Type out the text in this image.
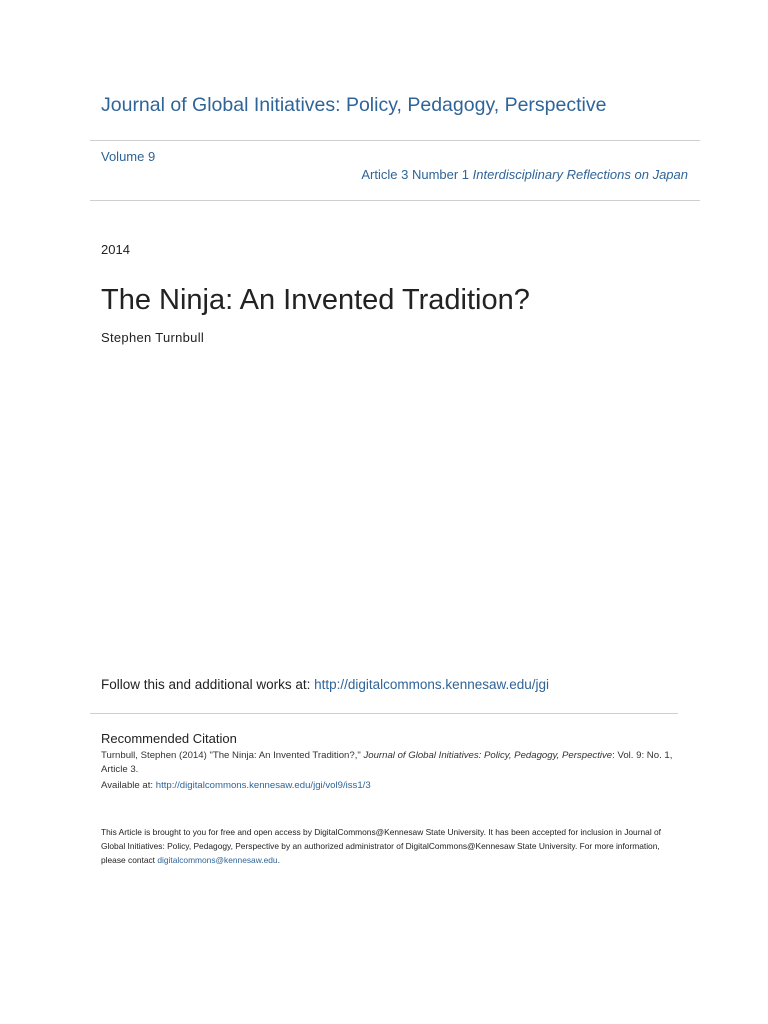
Journal of Global Initiatives: Policy, Pedagogy, Perspective
Volume 9
Article 3 Number 1 Interdisciplinary Reflections on Japan
2014
The Ninja: An Invented Tradition?
Stephen Turnbull
Follow this and additional works at: http://digitalcommons.kennesaw.edu/jgi
Recommended Citation
Turnbull, Stephen (2014) "The Ninja: An Invented Tradition?," Journal of Global Initiatives: Policy, Pedagogy, Perspective: Vol. 9: No. 1, Article 3.
Available at: http://digitalcommons.kennesaw.edu/jgi/vol9/iss1/3
This Article is brought to you for free and open access by DigitalCommons@Kennesaw State University. It has been accepted for inclusion in Journal of Global Initiatives: Policy, Pedagogy, Perspective by an authorized administrator of DigitalCommons@Kennesaw State University. For more information, please contact digitalcommons@kennesaw.edu.
